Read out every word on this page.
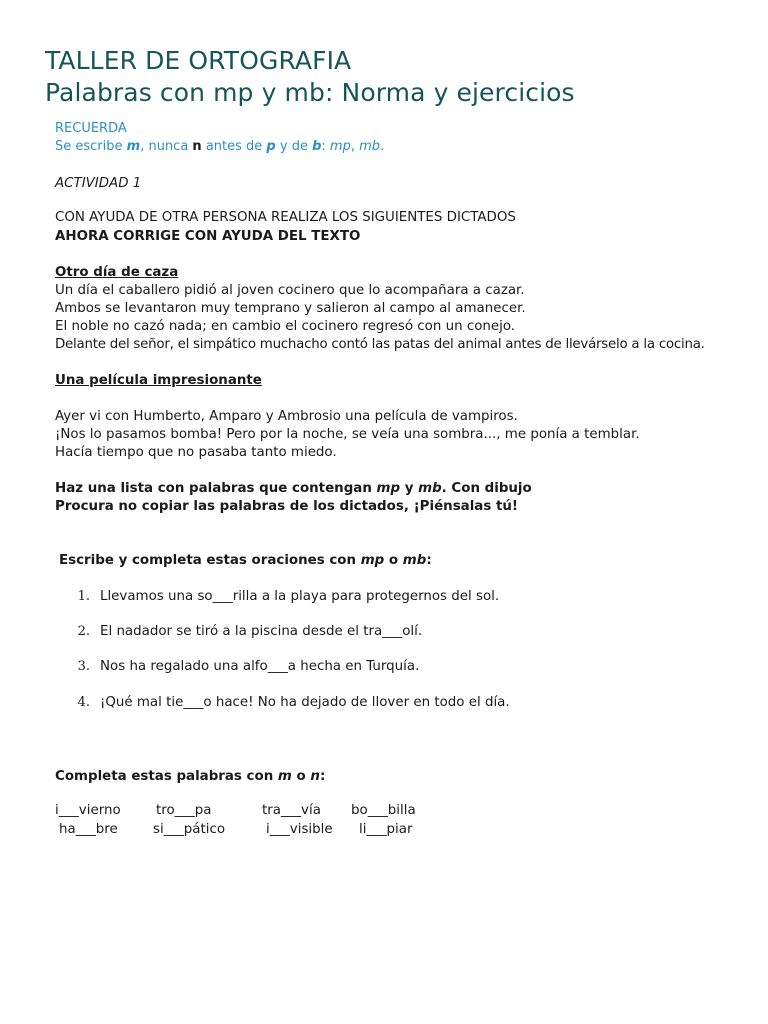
TALLER DE ORTOGRAFIA
Palabras con mp y mb: Norma y ejercicios
RECUERDA
Se escribe m, nunca n antes de p y de b: mp, mb.
ACTIVIDAD 1
CON AYUDA DE OTRA PERSONA REALIZA LOS SIGUIENTES DICTADOS
AHORA CORRIGE CON AYUDA DEL TEXTO
Otro día de caza
Un día el caballero pidió al joven cocinero que lo acompañara a cazar.
Ambos se levantaron muy temprano y salieron al campo al amanecer.
El noble no cazó nada; en cambio el cocinero regresó con un conejo.
Delante del señor, el simpático muchacho contó las patas del animal antes de llevárselo a la cocina.
Una película impresionante
Ayer vi con Humberto, Amparo y Ambrosio una película de vampiros.
¡Nos lo pasamos bomba! Pero por la noche, se veía una sombra..., me ponía a temblar.
Hacía tiempo que no pasaba tanto miedo.
Haz una lista con palabras que contengan mp y mb. Con dibujo
Procura no copiar las palabras de los dictados, ¡Piénsalas tú!
Escribe y completa estas oraciones con mp o mb:
1. Llevamos una so___rilla a la playa para protegernos del sol.
2. El nadador se tiró a la piscina desde el tra___olí.
3. Nos ha regalado una alfo___a hecha en Turquía.
4. ¡Qué mal tie___o hace! No ha dejado de llover en todo el día.
Completa estas palabras con m o n:
i___vierno	tro___pa	tra___vía bo___billa
ha___bre	si___pático	i___visible li___piar
